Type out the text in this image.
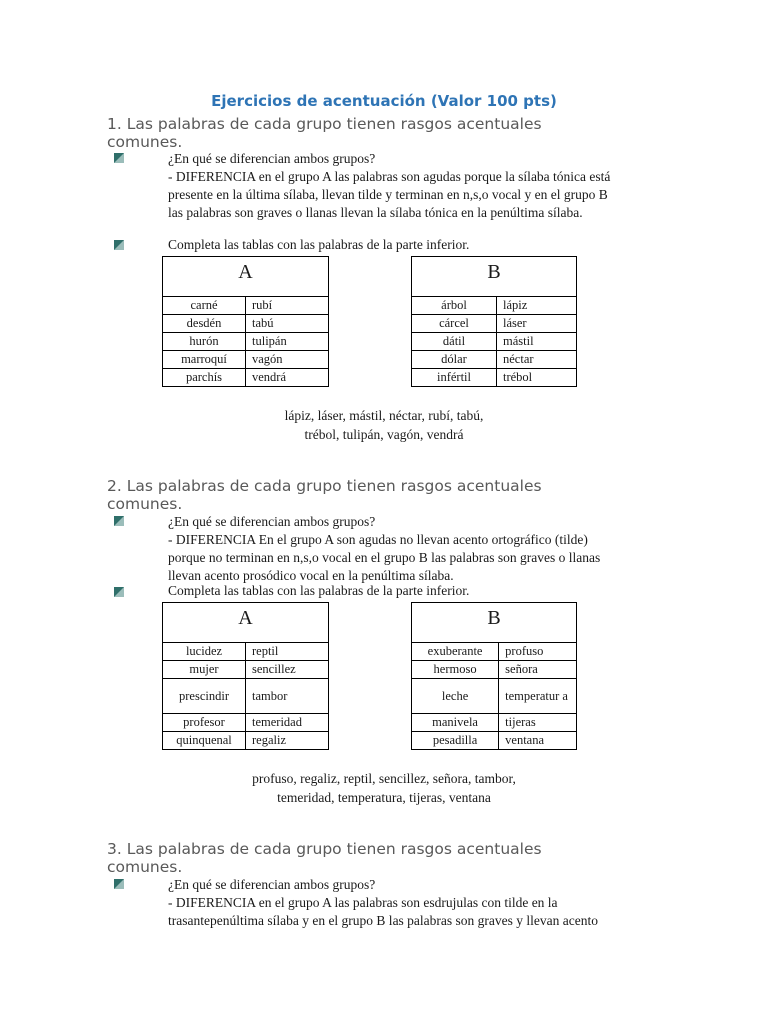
Ejercicios de acentuación (Valor 100 pts)
1. Las palabras de cada grupo tienen rasgos acentuales
comunes.
¿En qué se diferencian ambos grupos?
- DIFERENCIA en el grupo A las palabras son agudas porque la sílaba tónica está
presente en la última sílaba, llevan tilde y terminan en n,s,o vocal y en el grupo B
las palabras son graves o llanas llevan la sílaba tónica en la penúltima sílaba.
Completa las tablas con las palabras de la parte inferior.
A	
carné	rubí
desdén	tabú
hurón	tulipán
marroquí	vagón
parchís	vendrá
B	
árbol	lápiz
cárcel	láser
dátil	mástil
dólar	néctar
infértil	trébol
lápiz, láser, mástil, néctar, rubí, tabú,
trébol, tulipán, vagón, vendrá
2. Las palabras de cada grupo tienen rasgos acentuales
comunes.
¿En qué se diferencian ambos grupos?
- DIFERENCIA En el grupo A son agudas no llevan acento ortográfico (tilde)
porque no terminan en n,s,o vocal en el grupo B las palabras son graves o llanas
llevan acento prosódico vocal en la penúltima sílaba.
Completa las tablas con las palabras de la parte inferior.
A	
lucidez	reptil
mujer	sencillez
prescindir	tambor
profesor	temeridad
quinquenal	regaliz
B	
exuberante	profuso
hermoso	señora
leche	temperatur a
manivela	tijeras
pesadilla	ventana
profuso, regaliz, reptil, sencillez, señora, tambor,
temeridad, temperatura, tijeras, ventana
3. Las palabras de cada grupo tienen rasgos acentuales
comunes.
¿En qué se diferencian ambos grupos?
- DIFERENCIA en el grupo A las palabras son esdrujulas con tilde en la
trasantepenúltima sílaba y en el grupo B las palabras son graves y llevan acento
